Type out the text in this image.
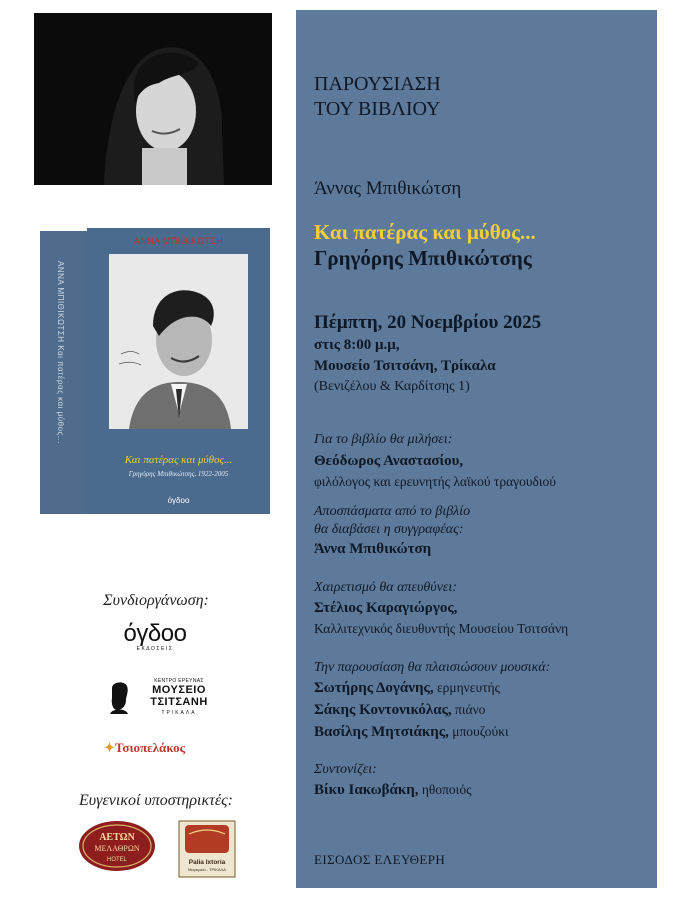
ΑΝΝΑ ΜΠΙΘΙΚΩΤΣΗ Και πατέρας και μύθος...
ΑΝΝΑ ΜΠΙΘΙΚΩΤΣΗ
Και πατέρας και μύθος...
Γρηγόρης Μπιθικώτσης, 1922-2005
όγδοο
Συνδιοργάνωση:
όγδοο
ΕΚΔΟΣΕΙΣ
ΚΕΝΤΡΟ ΕΡΕΥΝΑΣ
ΜΟΥΣΕΙΟ
ΤΣΙΤΣΑΝΗ
ΤΡΙΚΑΛΑ
✦Τσιοπελάκος
Ευγενικοί υποστηρικτές:
ΑΕΤΩΝ
ΜΕΛΑΘΡΩΝ
HOTEL	Palia Ixtoria
Μαγειρείο - ΤΡΙΚΑΛΑ
ΠΑΡΟΥΣΙΑΣΗ
ΤΟΥ ΒΙΒΛΙΟΥ
Άννας Μπιθικώτση
Και πατέρας και μύθος...
Γρηγόρης Μπιθικώτσης
Πέμπτη, 20 Νοεμβρίου 2025
στις 8:00 μ.μ,
Μουσείο Τσιτσάνη, Τρίκαλα
(Βενιζέλου & Καρδίτσης 1)
Για το βιβλίο θα μιλήσει:
Θεόδωρος Αναστασίου,
φιλόλογος και ερευνητής λαϊκού τραγουδιού
Αποσπάσματα από το βιβλίο
θα διαβάσει η συγγραφέας:
Άννα Μπιθικώτση
Χαιρετισμό θα απευθύνει:
Στέλιος Καραγιώργος,
Καλλιτεχνικός διευθυντής Μουσείου Τσιτσάνη
Την παρουσίαση θα πλαισιώσουν μουσικά:
Σωτήρης Δογάνης, ερμηνευτής
Σάκης Κοντονικόλας, πιάνο
Βασίλης Μητσιάκης, μπουζούκι
Συντονίζει:
Βίκυ Ιακωβάκη, ηθοποιός
ΕΙΣΟΔΟΣ ΕΛΕΥΘΕΡΗ
